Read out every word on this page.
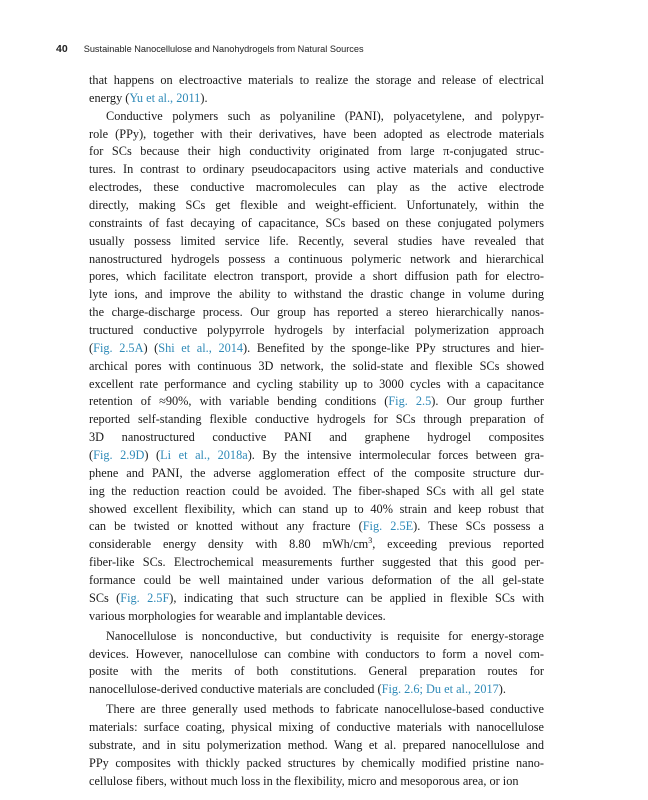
40 Sustainable Nanocellulose and Nanohydrogels from Natural Sources

that happens on electroactive materials to realize the storage and release of electrical

energy (Yu et al., 2011).

Conductive polymers such as polyaniline (PANI), polyacetylene, and polypyr-

role (PPy), together with their derivatives, have been adopted as electrode materials

for SCs because their high conductivity originated from large π-conjugated struc-

tures. In contrast to ordinary pseudocapacitors using active materials and conductive

electrodes, these conductive macromolecules can play as the active electrode

directly, making SCs get flexible and weight-efficient. Unfortunately, within the

constraints of fast decaying of capacitance, SCs based on these conjugated polymers

usually possess limited service life. Recently, several studies have revealed that

nanostructured hydrogels possess a continuous polymeric network and hierarchical

pores, which facilitate electron transport, provide a short diffusion path for electro-

lyte ions, and improve the ability to withstand the drastic change in volume during

the charge-discharge process. Our group has reported a stereo hierarchically nanos-

tructured conductive polypyrrole hydrogels by interfacial polymerization approach

(Fig. 2.5A) (Shi et al., 2014). Benefited by the sponge-like PPy structures and hier-

archical pores with continuous 3D network, the solid-state and flexible SCs showed

excellent rate performance and cycling stability up to 3000 cycles with a capacitance

retention of ≈90%, with variable bending conditions (Fig. 2.5). Our group further

reported self-standing flexible conductive hydrogels for SCs through preparation of

3D nanostructured conductive PANI and graphene hydrogel composites

(Fig. 2.9D) (Li et al., 2018a). By the intensive intermolecular forces between gra-

phene and PANI, the adverse agglomeration effect of the composite structure dur-

ing the reduction reaction could be avoided. The fiber-shaped SCs with all gel state

showed excellent flexibility, which can stand up to 40% strain and keep robust that

can be twisted or knotted without any fracture (Fig. 2.5E). These SCs possess a

considerable energy density with 8.80 mWh/$cm^3$, exceeding previous reported

fiber-like SCs. Electrochemical measurements further suggested that this good per-

formance could be well maintained under various deformation of the all gel-state

SCs (Fig. 2.5F), indicating that such structure can be applied in flexible SCs with

various morphologies for wearable and implantable devices.

Nanocellulose is nonconductive, but conductivity is requisite for energy-storage

devices. However, nanocellulose can combine with conductors to form a novel com-

posite with the merits of both constitutions. General preparation routes for

nanocellulose-derived conductive materials are concluded (Fig. 2.6; Du et al., 2017).

There are three generally used methods to fabricate nanocellulose-based conductive

materials: surface coating, physical mixing of conductive materials with nanocellulose

substrate, and in situ polymerization method. Wang et al. prepared nanocellulose and

PPy composites with thickly packed structures by chemically modified pristine nano-

cellulose fibers, without much loss in the flexibility, micro and mesoporous area, or ion
